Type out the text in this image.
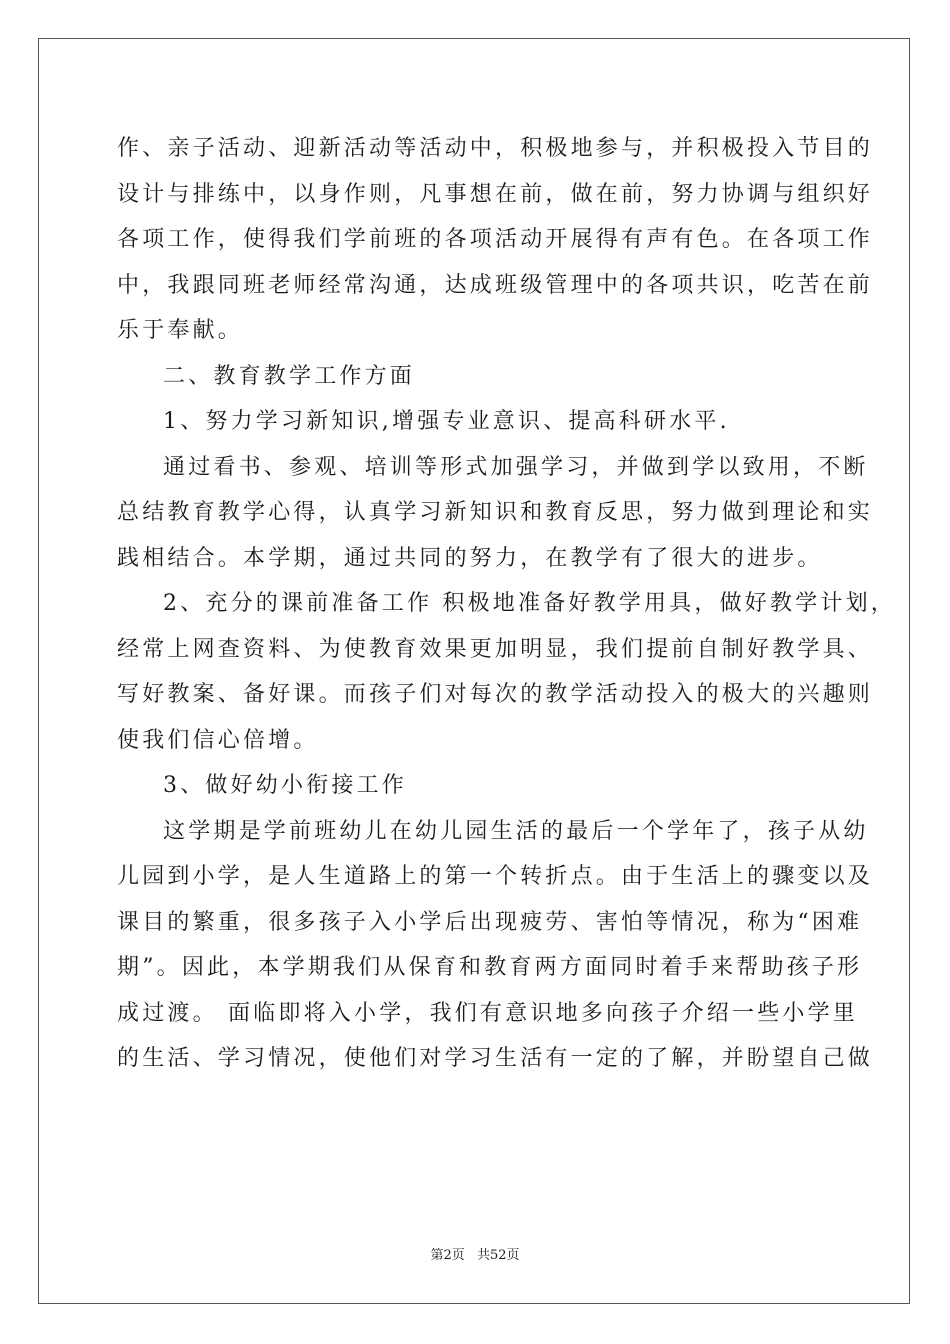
作、亲子活动、迎新活动等活动中，积极地参与，并积极投入节目的
设计与排练中，以身作则，凡事想在前，做在前，努力协调与组织好
各项工作，使得我们学前班的各项活动开展得有声有色。在各项工作
中，我跟同班老师经常沟通，达成班级管理中的各项共识，吃苦在前
乐于奉献。
二、教育教学工作方面
1、努力学习新知识,增强专业意识、提高科研水平.
通过看书、参观、培训等形式加强学习，并做到学以致用，不断
总结教育教学心得，认真学习新知识和教育反思，努力做到理论和实
践相结合。本学期，通过共同的努力，在教学有了很大的进步。
2、充分的课前准备工作 积极地准备好教学用具，做好教学计划，
经常上网查资料、为使教育效果更加明显，我们提前自制好教学具、
写好教案、备好课。而孩子们对每次的教学活动投入的极大的兴趣则
使我们信心倍增。
3、做好幼小衔接工作
这学期是学前班幼儿在幼儿园生活的最后一个学年了，孩子从幼
儿园到小学，是人生道路上的第一个转折点。由于生活上的骤变以及
课目的繁重，很多孩子入小学后出现疲劳、害怕等情况，称为“困难
期”。因此，本学期我们从保育和教育两方面同时着手来帮助孩子形
成过渡。 面临即将入小学，我们有意识地多向孩子介绍一些小学里
的生活、学习情况，使他们对学习生活有一定的了解，并盼望自己做
第2页 共52页
